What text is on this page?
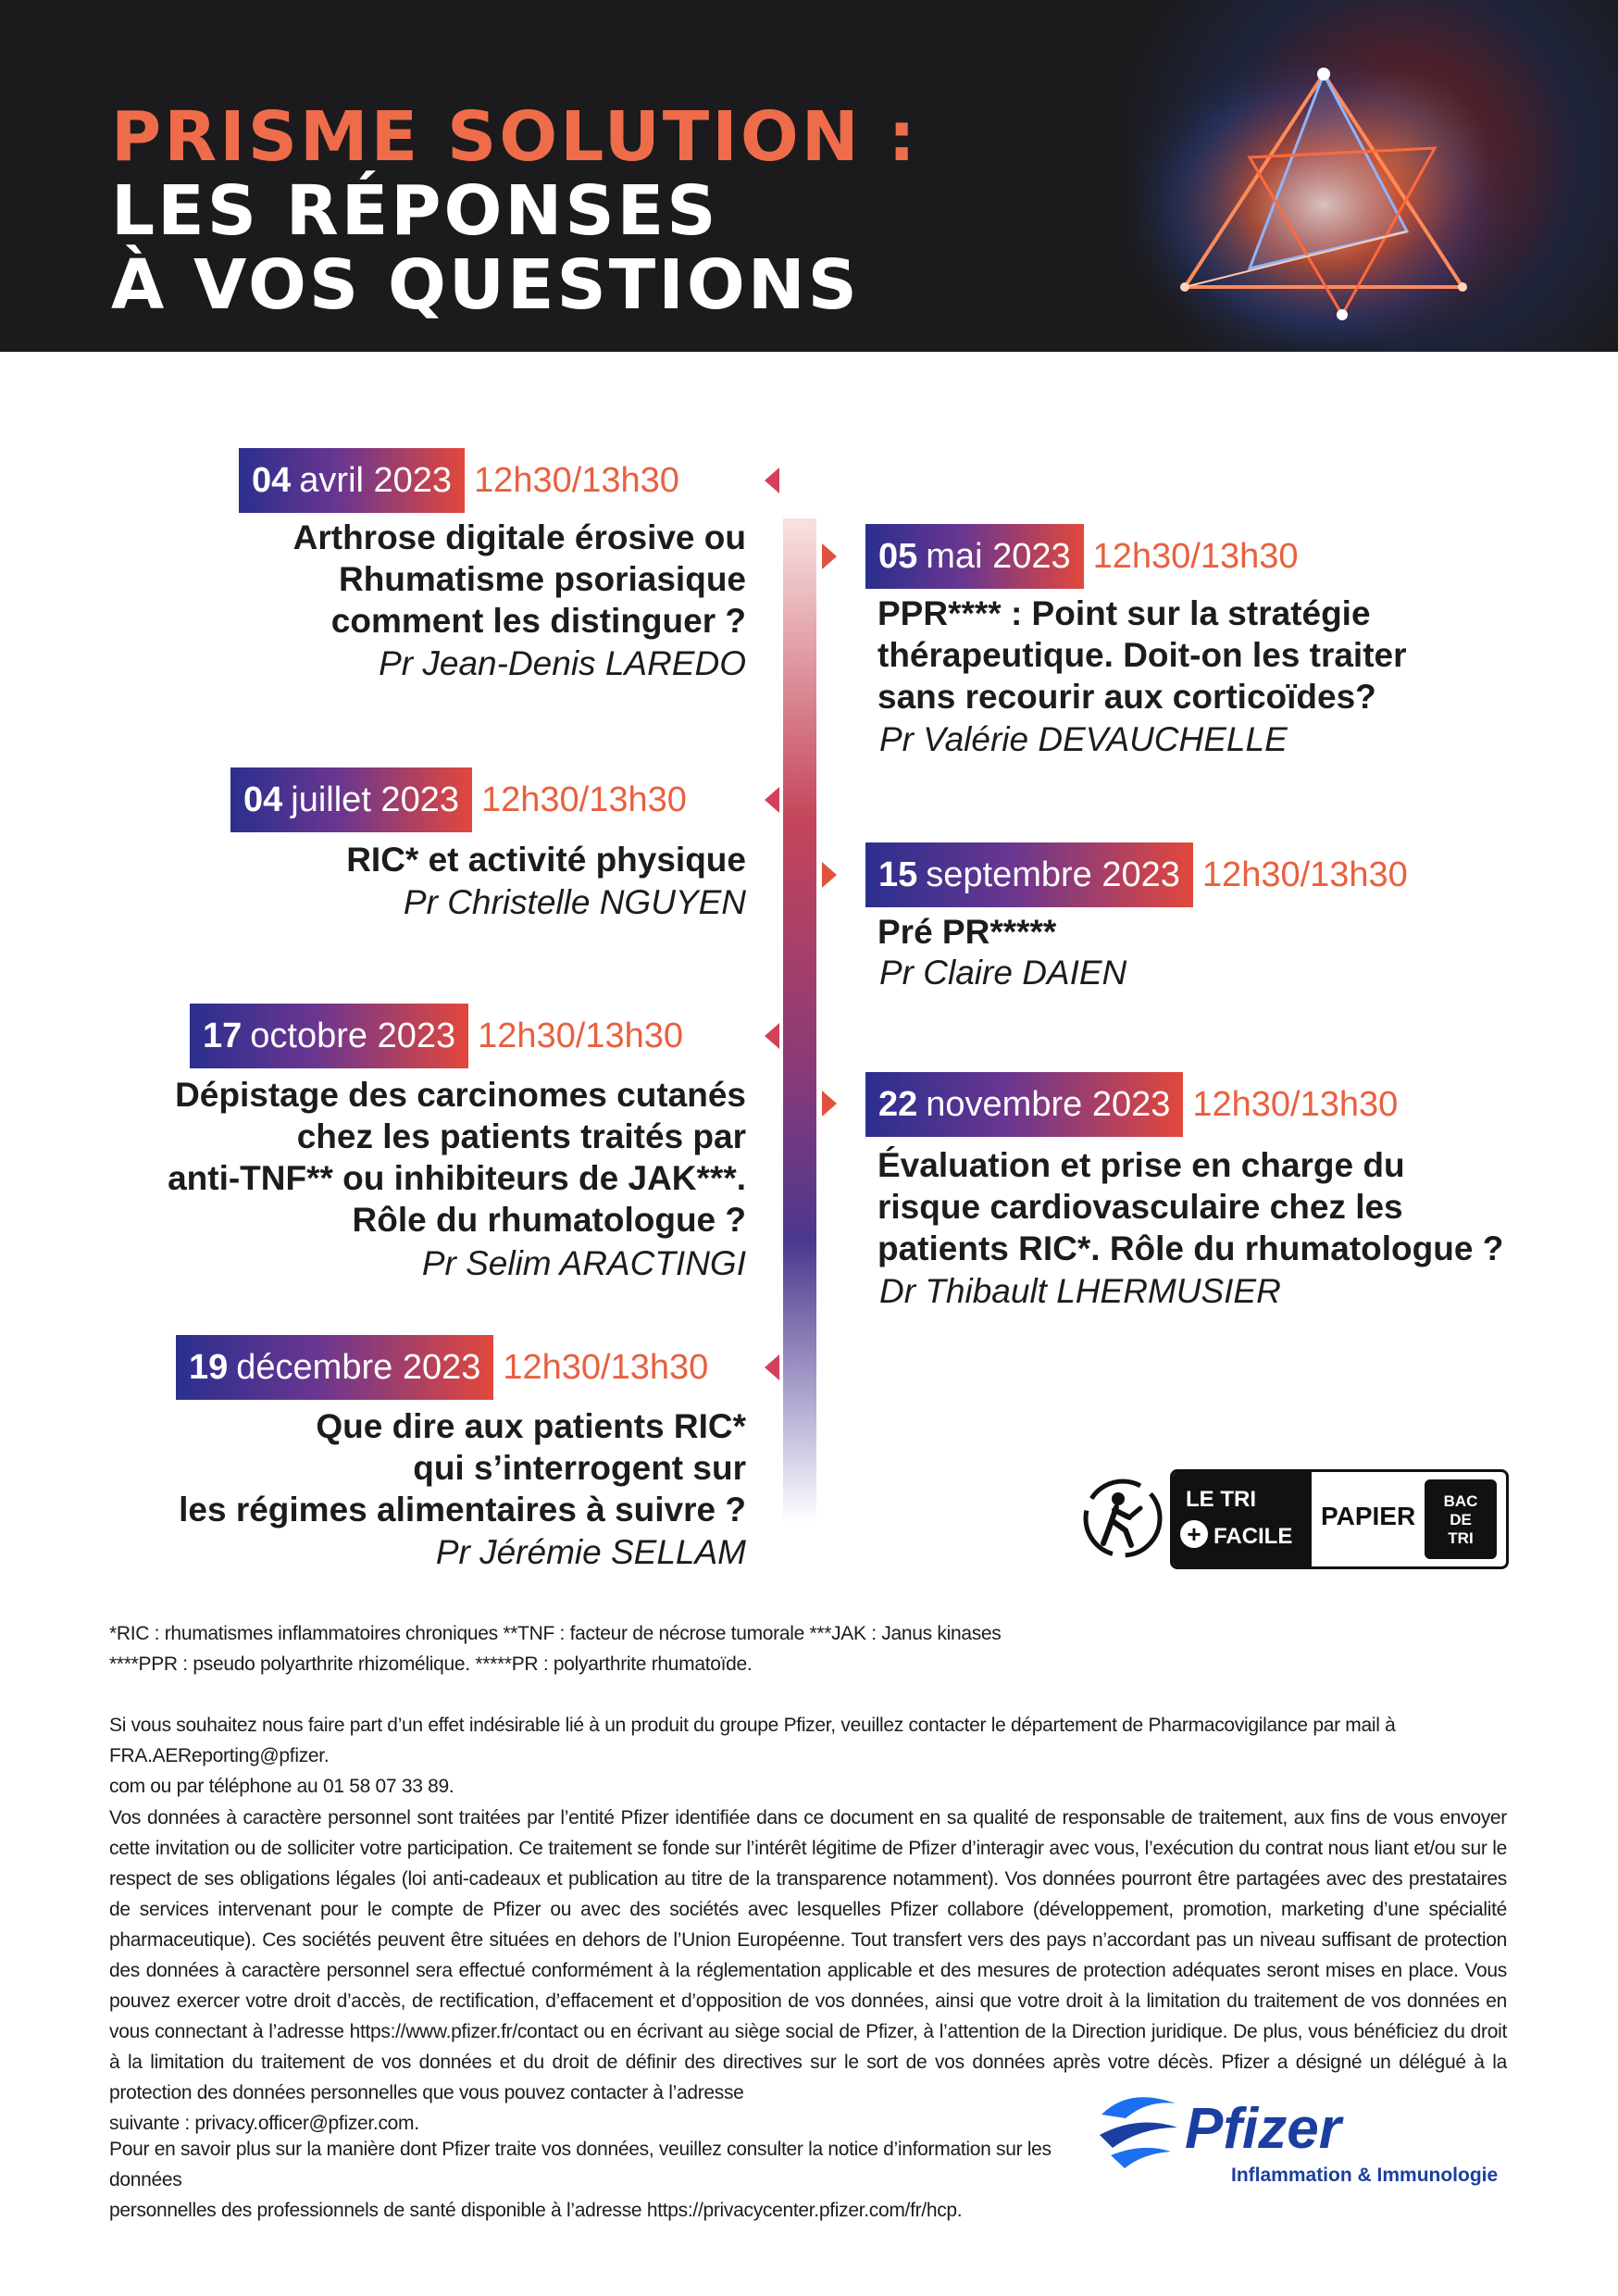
PRISME SOLUTION :
LES RÉPONSES
À VOS QUESTIONS
04 avril 2023 12h30/13h30
Arthrose digitale érosive ou
Rhumatisme psoriasique
comment les distinguer ?
Pr Jean-Denis LAREDO
05 mai 2023 12h30/13h30
PPR**** : Point sur la stratégie
thérapeutique. Doit-on les traiter
sans recourir aux corticoïdes?
Pr Valérie DEVAUCHELLE
04 juillet 2023 12h30/13h30
RIC* et activité physique
Pr Christelle NGUYEN
15 septembre 2023 12h30/13h30
Pré PR*****
Pr Claire DAIEN
17 octobre 2023 12h30/13h30
Dépistage des carcinomes cutanés
chez les patients traités par
anti-TNF** ou inhibiteurs de JAK***.
Rôle du rhumatologue ?
Pr Selim ARACTINGI
22 novembre 2023 12h30/13h30
Évaluation et prise en charge du
risque cardiovasculaire chez les
patients RIC*. Rôle du rhumatologue ?
Dr Thibault LHERMUSIER
19 décembre 2023 12h30/13h30
Que dire aux patients RIC*
qui s’interrogent sur
les régimes alimentaires à suivre ?
Pr Jérémie SELLAM
LE TRI
+ FACILE
PAPIER
BAC
DE
TRI
*RIC : rhumatismes inflammatoires chroniques **TNF : facteur de nécrose tumorale ***JAK : Janus kinases
****PPR : pseudo polyarthrite rhizomélique. *****PR : polyarthrite rhumatoïde.
Si vous souhaitez nous faire part d’un effet indésirable lié à un produit du groupe Pfizer, veuillez contacter le département de Pharmacovigilance par mail à FRA.AEReporting@pfizer.
com ou par téléphone au 01 58 07 33 89.
Vos données à caractère personnel sont traitées par l’entité Pfizer identifiée dans ce document en sa qualité de responsable de traitement, aux fins de vous envoyer cette invitation ou de solliciter votre participation. Ce traitement se fonde sur l’intérêt légitime de Pfizer d’interagir avec vous, l’exécution du contrat nous liant et/ou sur le respect de ses obligations légales (loi anti-cadeaux et publication au titre de la transparence notamment). Vos données pourront être partagées avec des prestataires de services intervenant pour le compte de Pfizer ou avec des sociétés avec lesquelles Pfizer collabore (développement, promotion, marketing d’une spécialité pharmaceutique). Ces sociétés peuvent être situées en dehors de l’Union Européenne. Tout transfert vers des pays n’accordant pas un niveau suffisant de protection des données à caractère personnel sera effectué conformément à la réglementation applicable et des mesures de protection adéquates seront mises en place. Vous pouvez exercer votre droit d’accès, de rectification, d’effacement et d’opposition de vos données, ainsi que votre droit à la limitation du traitement de vos données en vous connectant à l’adresse https://www.pfizer.fr/contact ou en écrivant au siège social de Pfizer, à l’attention de la Direction juridique. De plus, vous bénéficiez du droit à la limitation du traitement de vos données et du droit de définir des directives sur le sort de vos données après votre décès. Pfizer a désigné un délégué à la protection des données personnelles que vous pouvez contacter à l’adresse
suivante : privacy.officer@pfizer.com.
Pour en savoir plus sur la manière dont Pfizer traite vos données, veuillez consulter la notice d’information sur les données
personnelles des professionnels de santé disponible à l’adresse https://privacycenter.pfizer.com/fr/hcp.
Pfizer
Inflammation & Immunologie
